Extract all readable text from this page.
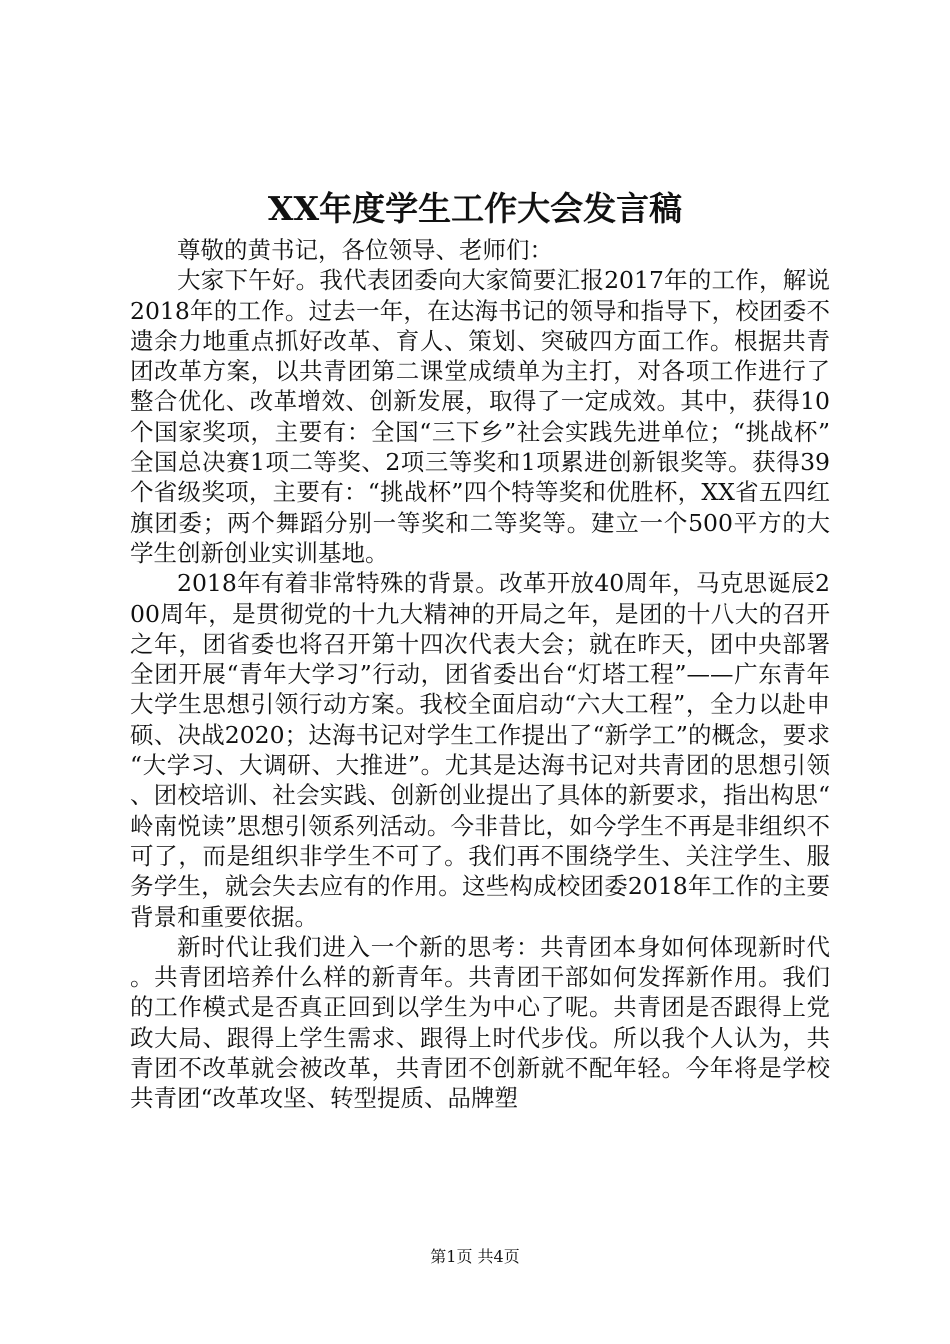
XX年度学生工作大会发言稿

尊敬的黄书记，各位领导、老师们：

大家下午好。我代表团委向大家简要汇报2017年的工作，解说2018年的工作。过去一年，在达海书记的领导和指导下，校团委不遗余力地重点抓好改革、育人、策划、突破四方面工作。根据共青团改革方案，以共青团第二课堂成绩单为主打，对各项工作进行了整合优化、改革增效、创新发展，取得了一定成效。其中，获得10个国家奖项，主要有：全国“三下乡”社会实践先进单位；“挑战杯”全国总决赛1项二等奖、2项三等奖和1项累进创新银奖等。获得39个省级奖项，主要有：“挑战杯”四个特等奖和优胜杯，XX省五四红旗团委；两个舞蹈分别一等奖和二等奖等。建立一个500平方的大学生创新创业实训基地。

2018年有着非常特殊的背景。改革开放40周年，马克思诞辰200周年，是贯彻党的十九大精神的开局之年，是团的十八大的召开之年，团省委也将召开第十四次代表大会；就在昨天，团中央部署全团开展“青年大学习”行动，团省委出台“灯塔工程”——广东青年大学生思想引领行动方案。我校全面启动“六大工程”，全力以赴申硕、决战2020；达海书记对学生工作提出了“新学工”的概念，要求“大学习、大调研、大推进”。尤其是达海书记对共青团的思想引领、团校培训、社会实践、创新创业提出了具体的新要求，指出构思“岭南悦读”思想引领系列活动。今非昔比，如今学生不再是非组织不可了，而是组织非学生不可了。我们再不围绕学生、关注学生、服务学生，就会失去应有的作用。这些构成校团委2018年工作的主要背景和重要依据。

新时代让我们进入一个新的思考：共青团本身如何体现新时代。共青团培养什么样的新青年。共青团干部如何发挥新作用。我们的工作模式是否真正回到以学生为中心了呢。共青团是否跟得上党政大局、跟得上学生需求、跟得上时代步伐。所以我个人认为，共青团不改革就会被改革，共青团不创新就不配年轻。今年将是学校共青团“改革攻坚、转型提质、品牌塑

第1页 共4页
